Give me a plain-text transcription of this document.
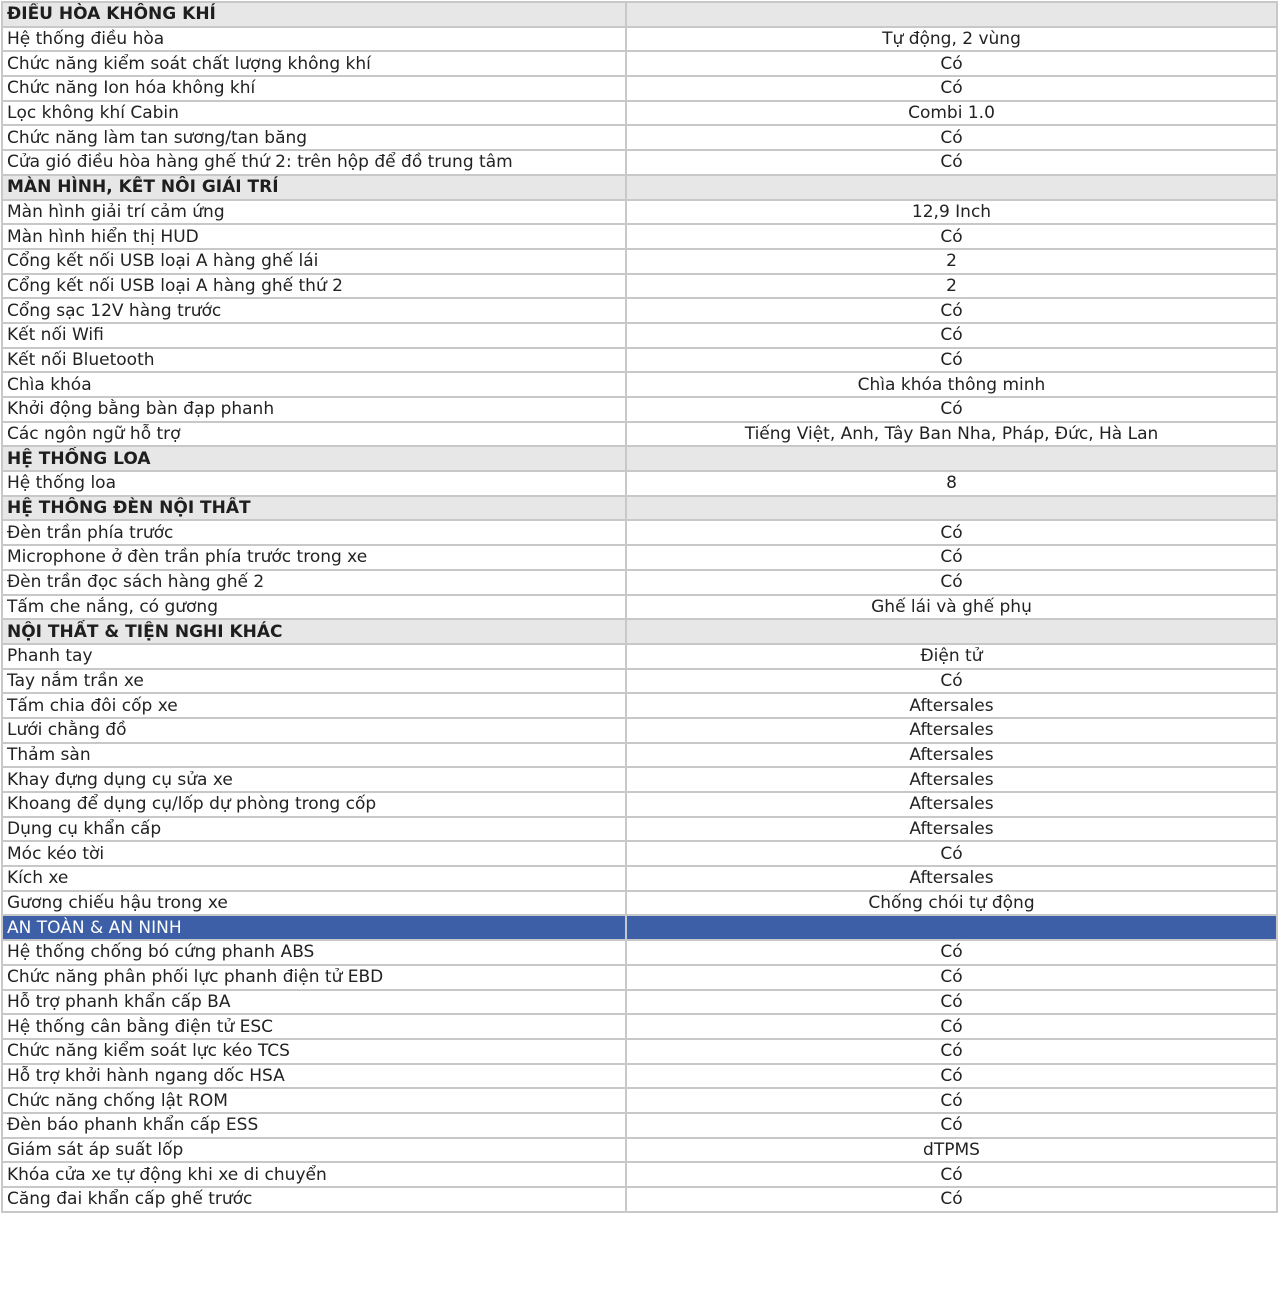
ĐIỀU HÒA KHÔNG KHÍ	
Hệ thống điều hòa	Tự động, 2 vùng
Chức năng kiểm soát chất lượng không khí	Có
Chức năng Ion hóa không khí	Có
Lọc không khí Cabin	Combi 1.0
Chức năng làm tan sương/tan băng	Có
Cửa gió điều hòa hàng ghế thứ 2: trên hộp để đồ trung tâm	Có
MÀN HÌNH, KẾT NỐI GIẢI TRÍ	
Màn hình giải trí cảm ứng	12,9 Inch
Màn hình hiển thị HUD	Có
Cổng kết nối USB loại A hàng ghế lái	2
Cổng kết nối USB loại A hàng ghế thứ 2	2
Cổng sạc 12V hàng trước	Có
Kết nối Wifi	Có
Kết nối Bluetooth	Có
Chìa khóa	Chìa khóa thông minh
Khởi động bằng bàn đạp phanh	Có
Các ngôn ngữ hỗ trợ	Tiếng Việt, Anh, Tây Ban Nha, Pháp, Đức, Hà Lan
HỆ THỐNG LOA	
Hệ thống loa	8
HỆ THỐNG ĐÈN NỘI THẤT	
Đèn trần phía trước	Có
Microphone ở đèn trần phía trước trong xe	Có
Đèn trần đọc sách hàng ghế 2	Có
Tấm che nắng, có gương	Ghế lái và ghế phụ
NỘI THẤT & TIỆN NGHI KHÁC	
Phanh tay	Điện tử
Tay nắm trần xe	Có
Tấm chia đôi cốp xe	Aftersales
Lưới chằng đồ	Aftersales
Thảm sàn	Aftersales
Khay đựng dụng cụ sửa xe	Aftersales
Khoang để dụng cụ/lốp dự phòng trong cốp	Aftersales
Dụng cụ khẩn cấp	Aftersales
Móc kéo tời	Có
Kích xe	Aftersales
Gương chiếu hậu trong xe	Chống chói tự động
AN TOÀN & AN NINH	
Hệ thống chống bó cứng phanh ABS	Có
Chức năng phân phối lực phanh điện tử EBD	Có
Hỗ trợ phanh khẩn cấp BA	Có
Hệ thống cân bằng điện tử ESC	Có
Chức năng kiểm soát lực kéo TCS	Có
Hỗ trợ khởi hành ngang dốc HSA	Có
Chức năng chống lật ROM	Có
Đèn báo phanh khẩn cấp ESS	Có
Giám sát áp suất lốp	dTPMS
Khóa cửa xe tự động khi xe di chuyển	Có
Căng đai khẩn cấp ghế trước	Có
